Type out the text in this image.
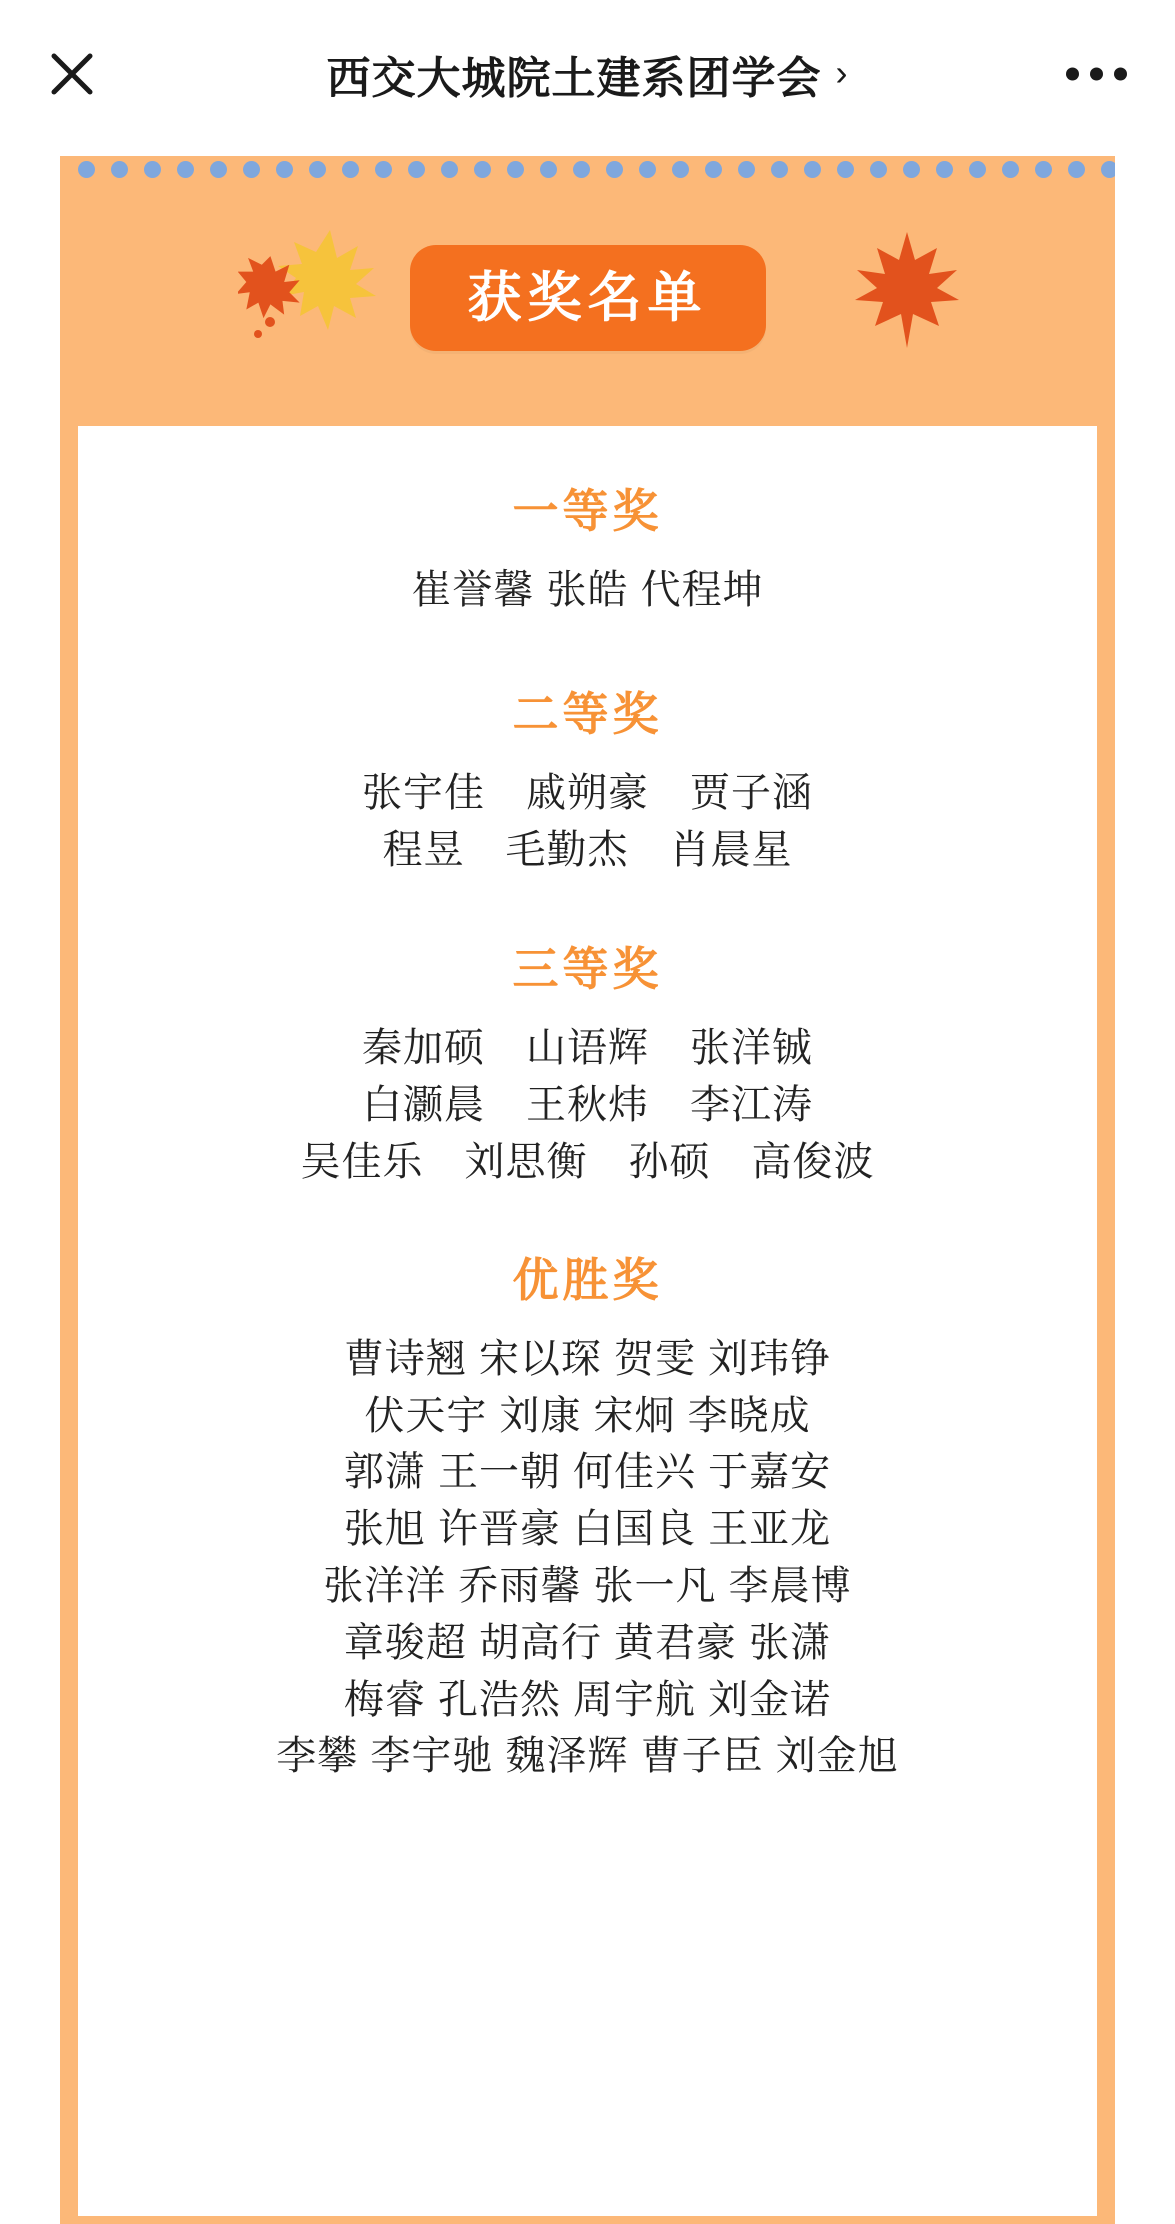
西交大城院土建系团学会 ›
获奖名单
一等奖
崔誉馨 张皓 代程坤
二等奖
张宇佳　戚朔豪　贾子涵
程昱　毛勤杰　肖晨星
三等奖
秦加硕　山语辉　张洋铖
白灏晨　王秋炜　李江涛
吴佳乐　刘思衡　孙硕　高俊波
优胜奖
曹诗翘 宋以琛 贺雯 刘玮铮
伏天宇 刘康 宋炯 李晓成
郭潇 王一朝 何佳兴 于嘉安
张旭 许晋豪 白国良 王亚龙
张洋洋 乔雨馨 张一凡 李晨博
章骏超 胡高行 黄君豪 张潇
梅睿 孔浩然 周宇航 刘金诺
李攀 李宇驰 魏泽辉 曹子臣 刘金旭
